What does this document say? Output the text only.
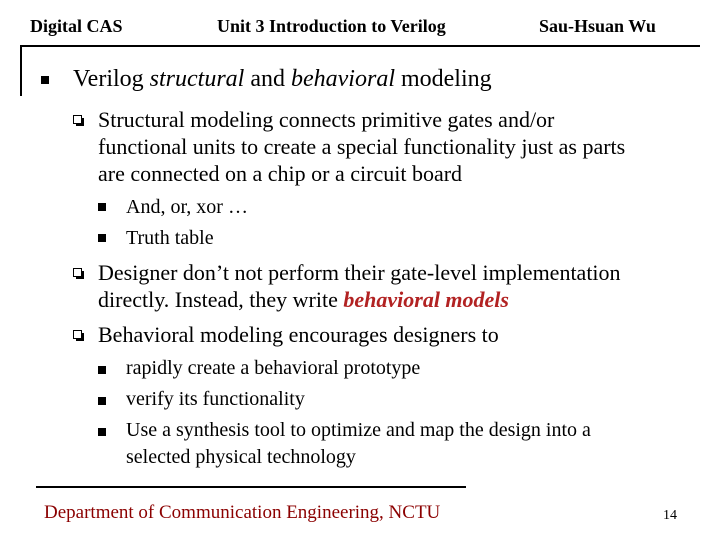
Digital CAS	Unit 3 Introduction to Verilog	Sau-Hsuan Wu
Verilog structural and behavioral modeling
Structural modeling connects primitive gates and/or
functional units to create a special functionality just as parts
are connected on a chip or a circuit board
And, or, xor …
Truth table
Designer don’t not perform their gate-level implementation
directly. Instead, they write behavioral models
Behavioral modeling encourages designers to
rapidly create a behavioral prototype
verify its functionality
Use a synthesis tool to optimize and map the design into a
selected physical technology
Department of Communication Engineering, NCTU	14
